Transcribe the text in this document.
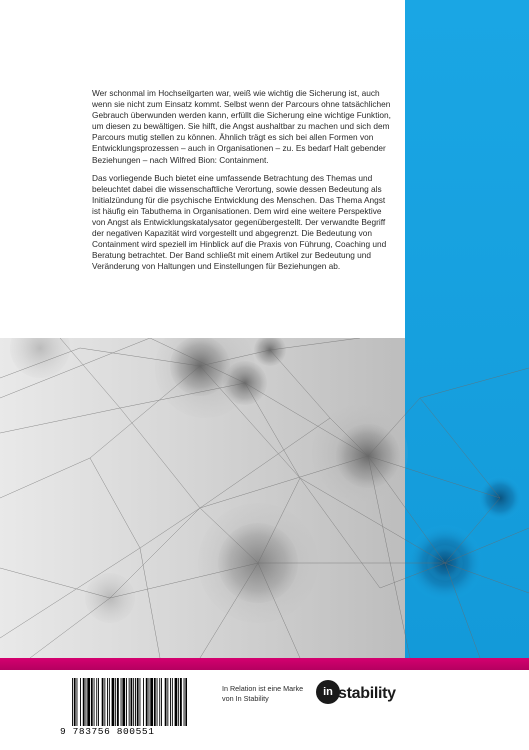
Wer schonmal im Hochseilgarten war, weiß wie wichtig die Sicherung ist, auch wenn sie nicht zum Einsatz kommt. Selbst wenn der Parcours ohne tatsächlichen Gebrauch überwunden werden kann, erfüllt die Sicherung eine wichtige Funktion, um diesen zu bewältigen. Sie hilft, die Angst aushaltbar zu machen und sich dem Parcours mutig stellen zu können. Ähnlich trägt es sich bei allen Formen von Entwicklungsprozessen – auch in Organisationen – zu. Es bedarf Halt gebender Beziehungen – nach Wilfred Bion: Containment.

Das vorliegende Buch bietet eine umfassende Betrachtung des Themas und beleuchtet dabei die wissenschaftliche Verortung, sowie dessen Bedeutung als Initialzündung für die psychische Entwicklung des Menschen. Das Thema Angst ist häufig ein Tabuthema in Organisationen. Dem wird eine weitere Perspektive von Angst als Entwicklungskatalysator gegenübergestellt. Der verwandte Begriff der negativen Kapazität wird vorgestellt und abgegrenzt. Die Bedeutung von Containment wird speziell im Hinblick auf die Praxis von Führung, Coaching und Beratung betrachtet. Der Band schließt mit einem Artikel zur Bedeutung und Veränderung von Haltungen und Einstellungen für Beziehungen ab.

9 783756 800551
In Relation ist eine Marke von In Stability	in stability
